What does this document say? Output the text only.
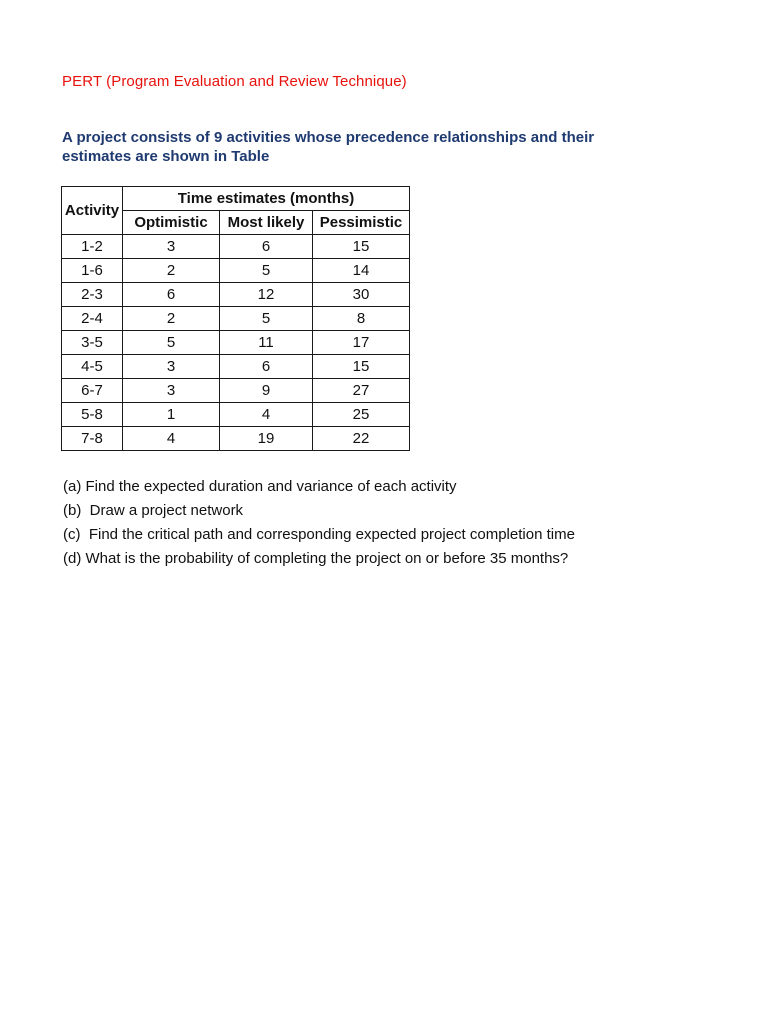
PERT (Program Evaluation and Review Technique)
A project consists of 9 activities whose precedence relationships and their estimates are shown in Table
Activity	Time estimates (months)		
	Optimistic	Most likely	Pessimistic
1-2	3	6	15
1-6	2	5	14
2-3	6	12	30
2-4	2	5	8
3-5	5	11	17
4-5	3	6	15
6-7	3	9	27
5-8	1	4	25
7-8	4	19	22
(a) Find the expected duration and variance of each activity
(b)  Draw a project network
(c)  Find the critical path and corresponding expected project completion time
(d) What is the probability of completing the project on or before 35 months?
